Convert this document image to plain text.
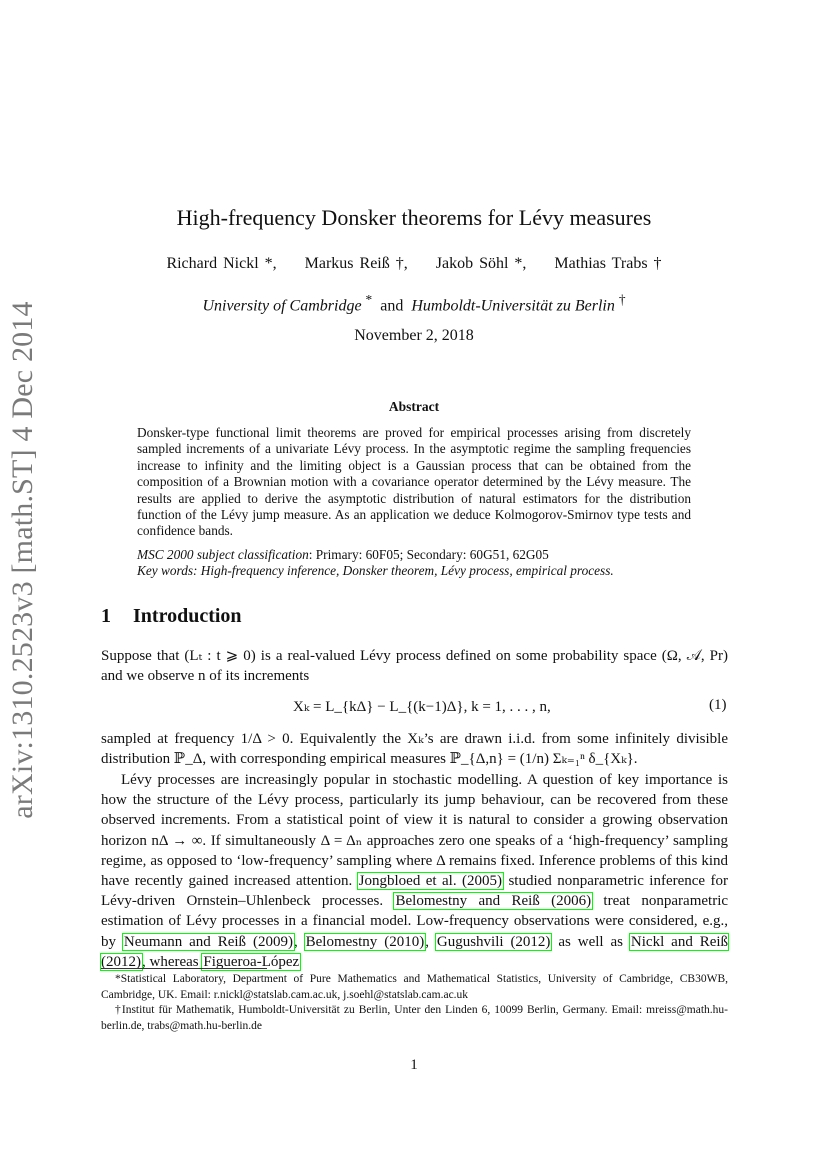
arXiv:1310.2523v3 [math.ST] 4 Dec 2014
High-frequency Donsker theorems for Lévy measures
Richard Nickl *, Markus Reiß †, Jakob Söhl *, Mathias Trabs †
University of Cambridge * and Humboldt-Universität zu Berlin †
November 2, 2018
Abstract
Donsker-type functional limit theorems are proved for empirical processes arising from discretely sampled increments of a univariate Lévy process. In the asymptotic regime the sampling frequencies increase to infinity and the limiting object is a Gaussian process that can be obtained from the composition of a Brownian motion with a covariance operator determined by the Lévy measure. The results are applied to derive the asymptotic distribution of natural estimators for the distribution function of the Lévy jump measure. As an application we deduce Kolmogorov-Smirnov type tests and confidence bands.
MSC 2000 subject classification: Primary: 60F05; Secondary: 60G51, 62G05
Key words: High-frequency inference, Donsker theorem, Lévy process, empirical process.
1 Introduction
Suppose that (Lₜ : t ⩾ 0) is a real-valued Lévy process defined on some probability space (Ω, 𝒜, Pr) and we observe n of its increments
Xₖ = L_{kΔ} − L_{(k−1)Δ}, k = 1, . . . , n,	(1)
sampled at frequency 1/Δ > 0. Equivalently the Xₖ’s are drawn i.i.d. from some infinitely divisible distribution ℙ_Δ, with corresponding empirical measures ℙ_{Δ,n} = (1/n) Σₖ₌₁ⁿ δ_{Xₖ}.
Lévy processes are increasingly popular in stochastic modelling. A question of key importance is how the structure of the Lévy process, particularly its jump behaviour, can be recovered from these observed increments. From a statistical point of view it is natural to consider a growing observation horizon nΔ → ∞. If simultaneously Δ = Δₙ approaches zero one speaks of a ‘high-frequency’ sampling regime, as opposed to ‘low-frequency’ sampling where Δ remains fixed. Inference problems of this kind have recently gained increased attention. Jongbloed et al. (2005) studied nonparametric inference for Lévy-driven Ornstein–Uhlenbeck processes. Belomestny and Reiß (2006) treat nonparametric estimation of Lévy processes in a financial model. Low-frequency observations were considered, e.g., by Neumann and Reiß (2009), Belomestny (2010), Gugushvili (2012) as well as Nickl and Reiß (2012), whereas Figueroa-López

*Statistical Laboratory, Department of Pure Mathematics and Mathematical Statistics, University of Cambridge, CB30WB, Cambridge, UK. Email: r.nickl@statslab.cam.ac.uk, j.soehl@statslab.cam.ac.uk

†Institut für Mathematik, Humboldt-Universität zu Berlin, Unter den Linden 6, 10099 Berlin, Germany. Email: mreiss@math.hu-berlin.de, trabs@math.hu-berlin.de

1
